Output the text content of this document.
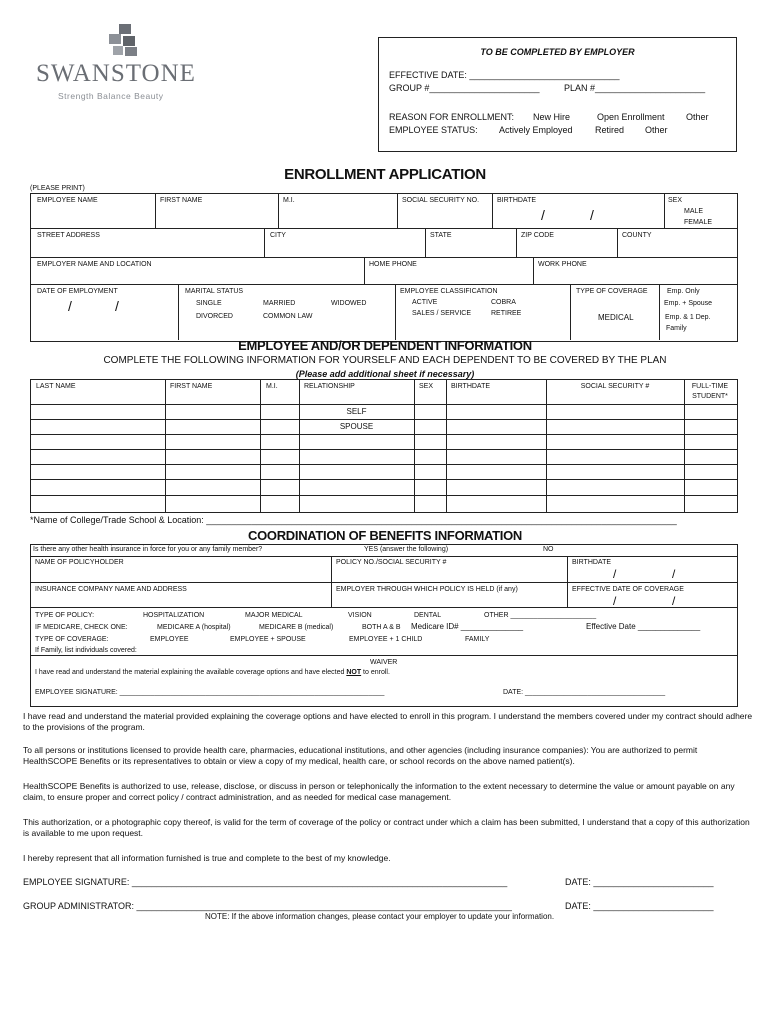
SWANSTONE
Strength Balance Beauty
TO BE COMPLETED BY EMPLOYER
EFFECTIVE DATE: ______________________________
GROUP #______________________	PLAN #______________________
REASON FOR ENROLLMENT: New Hire	Open Enrollment Other
EMPLOYEE STATUS: Actively Employed Retired Other
ENROLLMENT APPLICATION
(PLEASE PRINT)
EMPLOYEE NAME	FIRST NAME	M.I.	SOCIAL SECURITY NO.	BIRTHDATE
/	/
SEX
MALE
FEMALE
STREET ADDRESS	CITY	STATE	ZIP CODE	COUNTY
EMPLOYER NAME AND LOCATION	HOME PHONE	WORK PHONE
DATE OF EMPLOYMENT
/	/
MARITAL STATUS
SINGLE	MARRIED	WIDOWED
DIVORCED	COMMON LAW
EMPLOYEE CLASSIFICATION
ACTIVE	COBRA
SALES / SERVICE	RETIREE
TYPE OF COVERAGE
MEDICAL
Emp. Only
Emp. + Spouse
Emp. & 1 Dep.
Family
EMPLOYEE AND/OR DEPENDENT INFORMATION
COMPLETE THE FOLLOWING INFORMATION FOR YOURSELF AND EACH DEPENDENT TO BE COVERED BY THE PLAN
(Please add additional sheet if necessary)
LAST NAME	FIRST NAME	M.I.	RELATIONSHIP	SEX	BIRTHDATE	SOCIAL SECURITY #	FULL-TIME STUDENT*
SELF
SPOUSE
*Name of College/Trade School & Location: ______________________________________________________________________________________________
COORDINATION OF BENEFITS INFORMATION
Is there any other health insurance in force for you or any family member?	YES (answer the following)	NO
NAME OF POLICYHOLDER	POLICY NO./SOCIAL SECURITY #	BIRTHDATE
/	/
INSURANCE COMPANY NAME AND ADDRESS	EMPLOYER THROUGH WHICH POLICY IS HELD (if any)	EFFECTIVE DATE OF COVERAGE
/	/
TYPE OF POLICY:	HOSPITALIZATION	MAJOR MEDICAL	VISION	DENTAL	OTHER ______________________
IF MEDICARE, CHECK ONE:	MEDICARE A (hospital)	MEDICARE B (medical)	BOTH A & B Medicare ID# ______________	Effective Date ______________
TYPE OF COVERAGE:	EMPLOYEE	EMPLOYEE + SPOUSE	EMPLOYEE + 1 CHILD	FAMILY
If Family, list individuals covered:
WAIVER
I have read and understand the material explaining the available coverage options and have elected NOT to enroll.
EMPLOYEE SIGNATURE: ____________________________________________________________________	DATE: ____________________________________
I have read and understand the material provided explaining the coverage options and have elected to enroll in this program. I understand the members covered under my contract should adhere to the provisions of the program.
To all persons or institutions licensed to provide health care, pharmacies, educational institutions, and other agencies (including insurance companies): You are authorized to permit HealthSCOPE Benefits or its representatives to obtain or view a copy of my medical, health care, or school records on the above named patient(s).
HealthSCOPE Benefits is authorized to use, release, disclose, or discuss in person or telephonically the information to the extent necessary to determine the value or amount payable on any claim, to ensure proper and correct policy / contract administration, and as needed for medical case management.
This authorization, or a photographic copy thereof, is valid for the term of coverage of the policy or contract under which a claim has been submitted, I understand that a copy of this authorization is available to me upon request.
I hereby represent that all information furnished is true and complete to the best of my knowledge.
EMPLOYEE SIGNATURE: ___________________________________________________________________________	DATE: ________________________
GROUP ADMINISTRATOR: ___________________________________________________________________________	DATE: ________________________
NOTE: If the above information changes, please contact your employer to update your information.
